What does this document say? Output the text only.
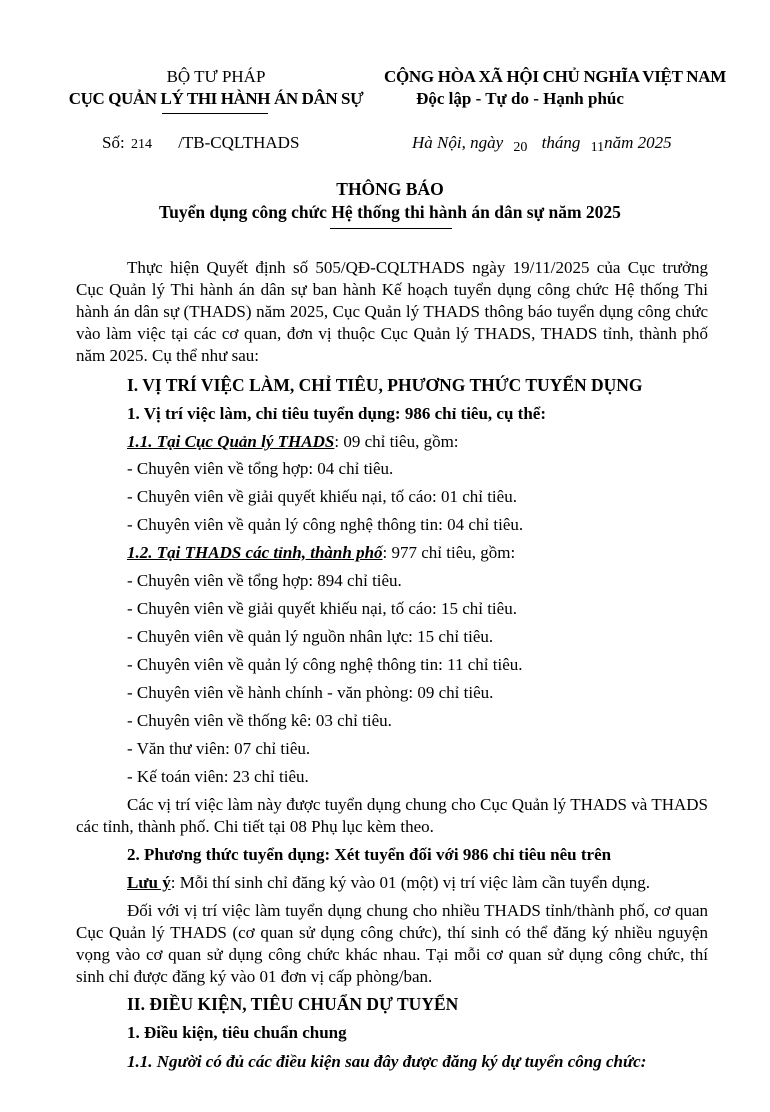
BỘ TƯ PHÁP
CỤC QUẢN LÝ THI HÀNH ÁN DÂN SỰ
CỘNG HÒA XÃ HỘI CHỦ NGHĨA VIỆT NAM
Độc lập - Tự do - Hạnh phúc
Số: 214 /TB-CQLTHADS	Hà Nội, ngày 20 tháng 11năm 2025
THÔNG BÁO
Tuyển dụng công chức Hệ thống thi hành án dân sự năm 2025
Thực hiện Quyết định số 505/QĐ-CQLTHADS ngày 19/11/2025 của Cục trưởng Cục Quản lý Thi hành án dân sự ban hành Kế hoạch tuyển dụng công chức Hệ thống Thi hành án dân sự (THADS) năm 2025, Cục Quản lý THADS thông báo tuyển dụng công chức vào làm việc tại các cơ quan, đơn vị thuộc Cục Quản lý THADS, THADS tỉnh, thành phố năm 2025. Cụ thể như sau:
I. VỊ TRÍ VIỆC LÀM, CHỈ TIÊU, PHƯƠNG THỨC TUYỂN DỤNG
1. Vị trí việc làm, chỉ tiêu tuyển dụng: 986 chỉ tiêu, cụ thể:
1.1. Tại Cục Quản lý THADS: 09 chỉ tiêu, gồm:
- Chuyên viên về tổng hợp: 04 chỉ tiêu.
- Chuyên viên về giải quyết khiếu nại, tố cáo: 01 chỉ tiêu.
- Chuyên viên về quản lý công nghệ thông tin: 04 chỉ tiêu.
1.2. Tại THADS các tỉnh, thành phố: 977 chỉ tiêu, gồm:
- Chuyên viên về tổng hợp: 894 chỉ tiêu.
- Chuyên viên về giải quyết khiếu nại, tố cáo: 15 chỉ tiêu.
- Chuyên viên về quản lý nguồn nhân lực: 15 chỉ tiêu.
- Chuyên viên về quản lý công nghệ thông tin: 11 chỉ tiêu.
- Chuyên viên về hành chính - văn phòng: 09 chỉ tiêu.
- Chuyên viên về thống kê: 03 chỉ tiêu.
- Văn thư viên: 07 chỉ tiêu.
- Kế toán viên: 23 chỉ tiêu.
Các vị trí việc làm này được tuyển dụng chung cho Cục Quản lý THADS và THADS các tỉnh, thành phố. Chi tiết tại 08 Phụ lục kèm theo.
2. Phương thức tuyển dụng: Xét tuyển đối với 986 chỉ tiêu nêu trên
Lưu ý: Mỗi thí sinh chỉ đăng ký vào 01 (một) vị trí việc làm cần tuyển dụng.
Đối với vị trí việc làm tuyển dụng chung cho nhiều THADS tỉnh/thành phố, cơ quan Cục Quản lý THADS (cơ quan sử dụng công chức), thí sinh có thể đăng ký nhiều nguyện vọng vào cơ quan sử dụng công chức khác nhau. Tại mỗi cơ quan sử dụng công chức, thí sinh chỉ được đăng ký vào 01 đơn vị cấp phòng/ban.
II. ĐIỀU KIỆN, TIÊU CHUẨN DỰ TUYỂN
1. Điều kiện, tiêu chuẩn chung
1.1. Người có đủ các điều kiện sau đây được đăng ký dự tuyển công chức:
